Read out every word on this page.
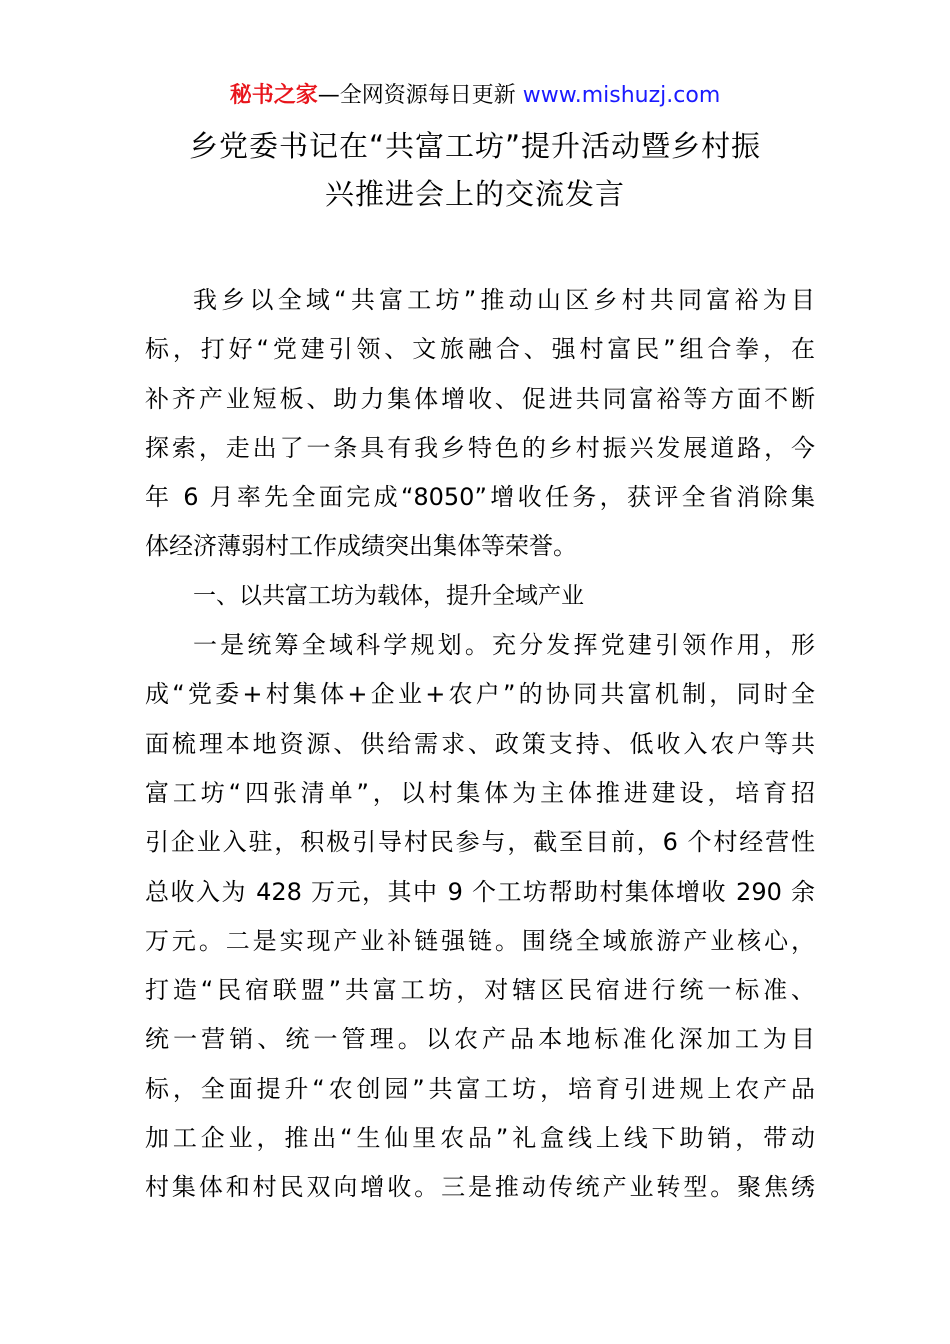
秘书之家—全网资源每日更新 www.mishuzj.com
乡党委书记在“共富工坊”提升活动暨乡村振
兴推进会上的交流发言
我乡以全域“共富工坊”推动山区乡村共同富裕为目
标，打好“党建引领、文旅融合、强村富民”组合拳，在
补齐产业短板、助力集体增收、促进共同富裕等方面不断
探索，走出了一条具有我乡特色的乡村振兴发展道路，今
年 6 月率先全面完成“8050”增收任务，获评全省消除集
体经济薄弱村工作成绩突出集体等荣誉。
一、以共富工坊为载体，提升全域产业
一是统筹全域科学规划。充分发挥党建引领作用，形
成“党委+村集体+企业+农户”的协同共富机制，同时全
面梳理本地资源、供给需求、政策支持、低收入农户等共
富工坊“四张清单”，以村集体为主体推进建设，培育招
引企业入驻，积极引导村民参与，截至目前，6 个村经营性
总收入为 428 万元，其中 9 个工坊帮助村集体增收 290 余
万元。二是实现产业补链强链。围绕全域旅游产业核心，
打造“民宿联盟”共富工坊，对辖区民宿进行统一标准、
统一营销、统一管理。以农产品本地标准化深加工为目
标，全面提升“农创园”共富工坊，培育引进规上农产品
加工企业，推出“生仙里农品”礼盒线上线下助销，带动
村集体和村民双向增收。三是推动传统产业转型。聚焦绣
